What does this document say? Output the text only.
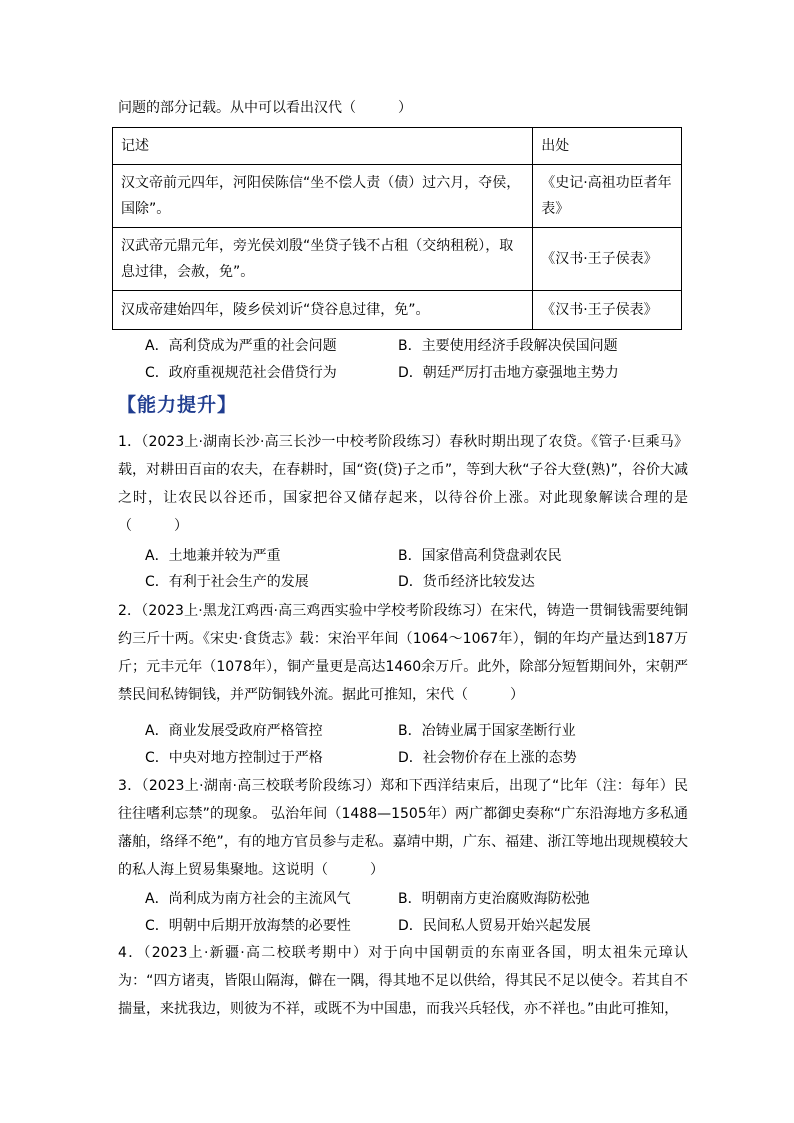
问题的部分记载。从中可以看出汉代（　　　）
记述	出处
汉文帝前元四年，河阳侯陈信“坐不偿人责（债）过六月，夺侯，国除”。	《史记·高祖功臣者年表》
汉武帝元鼎元年，旁光侯刘殷“坐贷子钱不占租（交纳租税），取息过律，会赦，免”。	《汉书·王子侯表》
汉成帝建始四年，陵乡侯刘䜣“贷谷息过律，免”。	《汉书·王子侯表》
A．高利贷成为严重的社会问题	B．主要使用经济手段解决侯国问题
C．政府重视规范社会借贷行为	D．朝廷严厉打击地方豪强地主势力
【能力提升】

1．（2023上·湖南长沙·高三长沙一中校考阶段练习）春秋时期出现了农贷。《管子·巨乘马》载，对耕田百亩的农夫，在春耕时，国“资(贷)子之币”，等到大秋“子谷大登(熟)”，谷价大减之时，让农民以谷还币，国家把谷又储存起来，以待谷价上涨。对此现象解读合理的是（　　　）

A．土地兼并较为严重	B．国家借高利贷盘剥农民
C．有利于社会生产的发展	D．货币经济比较发达

2．（2023上·黑龙江鸡西·高三鸡西实验中学校考阶段练习）在宋代，铸造一贯铜钱需要纯铜约三斤十两。《宋史·食货志》载：宋治平年间（1064～1067年），铜的年均产量达到187万斤；元丰元年（1078年），铜产量更是高达1460余万斤。此外，除部分短暂期间外，宋朝严禁民间私铸铜钱，并严防铜钱外流。据此可推知，宋代（　　　）

A．商业发展受政府严格管控	B．冶铸业属于国家垄断行业
C．中央对地方控制过于严格	D．社会物价存在上涨的态势

3．（2023上·湖南·高三校联考阶段练习）郑和下西洋结束后，出现了“比年（注：每年）民往往嗜利忘禁”的现象。 弘治年间（1488—1505年）两广都御史奏称“广东沿海地方多私通藩舶，络绎不绝”，有的地方官员参与走私。嘉靖中期，广东、福建、浙江等地出现规模较大的私人海上贸易集聚地。这说明（　　　）

A．尚利成为南方社会的主流风气	B．明朝南方吏治腐败海防松弛
C．明朝中后期开放海禁的必要性	D．民间私人贸易开始兴起发展

4．（2023上·新疆·高二校联考期中）对于向中国朝贡的东南亚各国，明太祖朱元璋认为：“四方诸夷，皆限山隔海，僻在一隅，得其地不足以供给，得其民不足以使令。若其自不揣量，来扰我边，则彼为不祥，或既不为中国患，而我兴兵轻伐，亦不祥也。”由此可推知，
